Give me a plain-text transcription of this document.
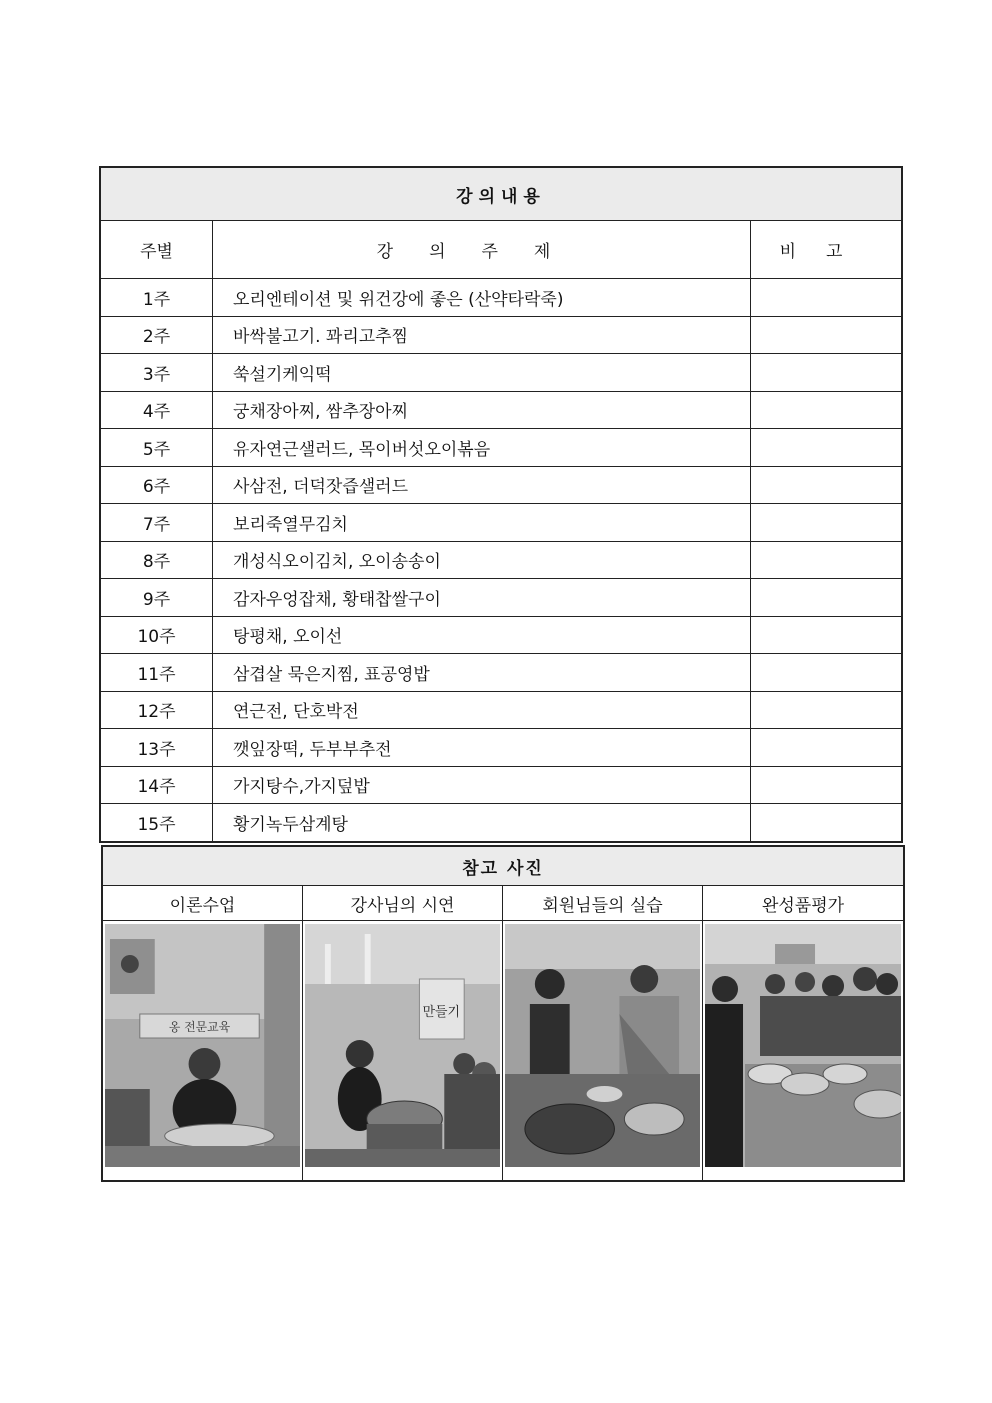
강의내용		
주별	강의주제	비고
1주	오리엔테이션 및 위건강에 좋은 (산약타락죽)	
2주	바싹불고기. 꽈리고추찜	
3주	쑥설기케익떡	
4주	궁채장아찌, 쌈추장아찌	
5주	유자연근샐러드, 목이버섯오이볶음	
6주	사삼전, 더덕잣즙샐러드	
7주	보리죽열무김치	
8주	개성식오이김치, 오이송송이	
9주	감자우엉잡채, 황태찹쌀구이	
10주	탕평채, 오이선	
11주	삼겹살 묵은지찜, 표공영밥	
12주	연근전, 단호박전	
13주	깻잎장떡, 두부부추전	
14주	가지탕수,가지덮밥	
15주	황기녹두삼계탕	
참고 사진			
이론수업	강사님의 시연	회원님들의 실습	완성품평가

옹 전문교육	만들기
